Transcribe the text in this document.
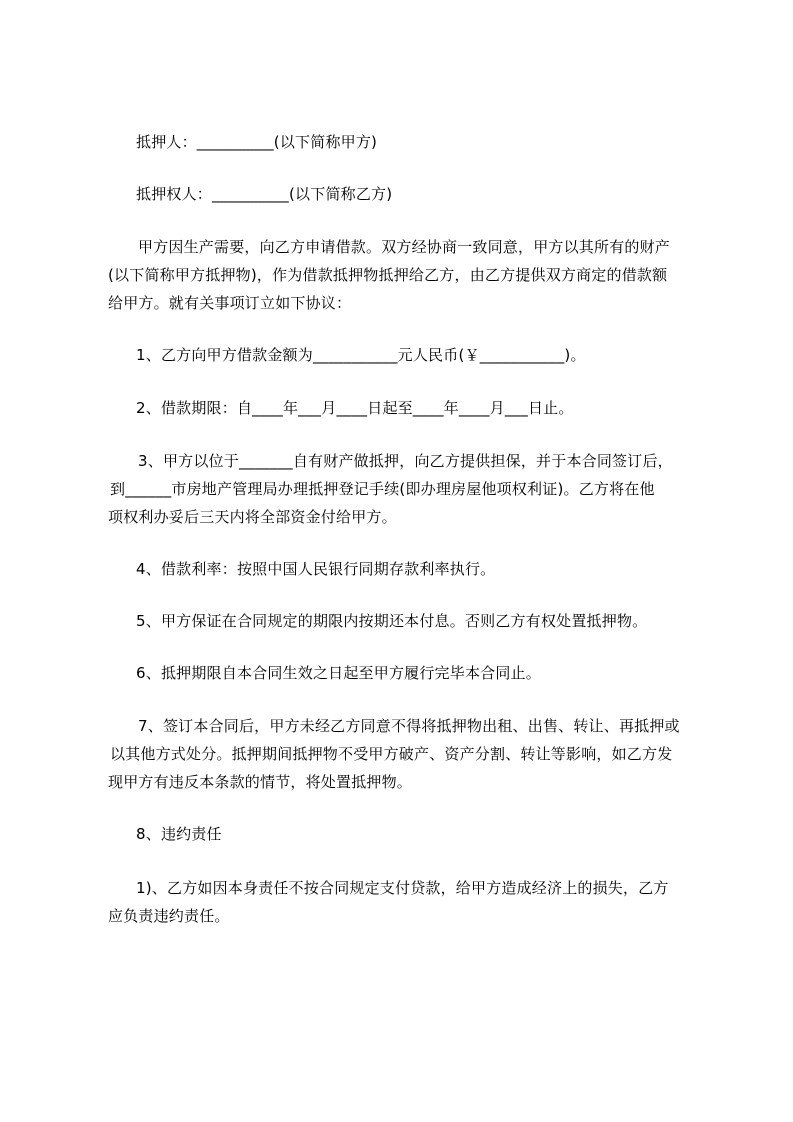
抵押人：__________(以下简称甲方)
抵押权人：__________(以下简称乙方)
甲方因生产需要，向乙方申请借款。双方经协商一致同意，甲方以其所有的财产
(以下简称甲方抵押物)，作为借款抵押物抵押给乙方，由乙方提供双方商定的借款额
给甲方。就有关事项订立如下协议：
1、乙方向甲方借款金额为___________元人民币(￥___________)。
2、借款期限：自____年___月____日起至____年____月___日止。
3、甲方以位于_______自有财产做抵押，向乙方提供担保，并于本合同签订后，
到______市房地产管理局办理抵押登记手续(即办理房屋他项权利证)。乙方将在他
项权利办妥后三天内将全部资金付给甲方。
4、借款利率：按照中国人民银行同期存款利率执行。
5、甲方保证在合同规定的期限内按期还本付息。否则乙方有权处置抵押物。
6、抵押期限自本合同生效之日起至甲方履行完毕本合同止。
7、签订本合同后，甲方未经乙方同意不得将抵押物出租、出售、转让、再抵押或
以其他方式处分。抵押期间抵押物不受甲方破产、资产分割、转让等影响，如乙方发
现甲方有违反本条款的情节，将处置抵押物。
8、违约责任
1)、乙方如因本身责任不按合同规定支付贷款，给甲方造成经济上的损失，乙方
应负责违约责任。
